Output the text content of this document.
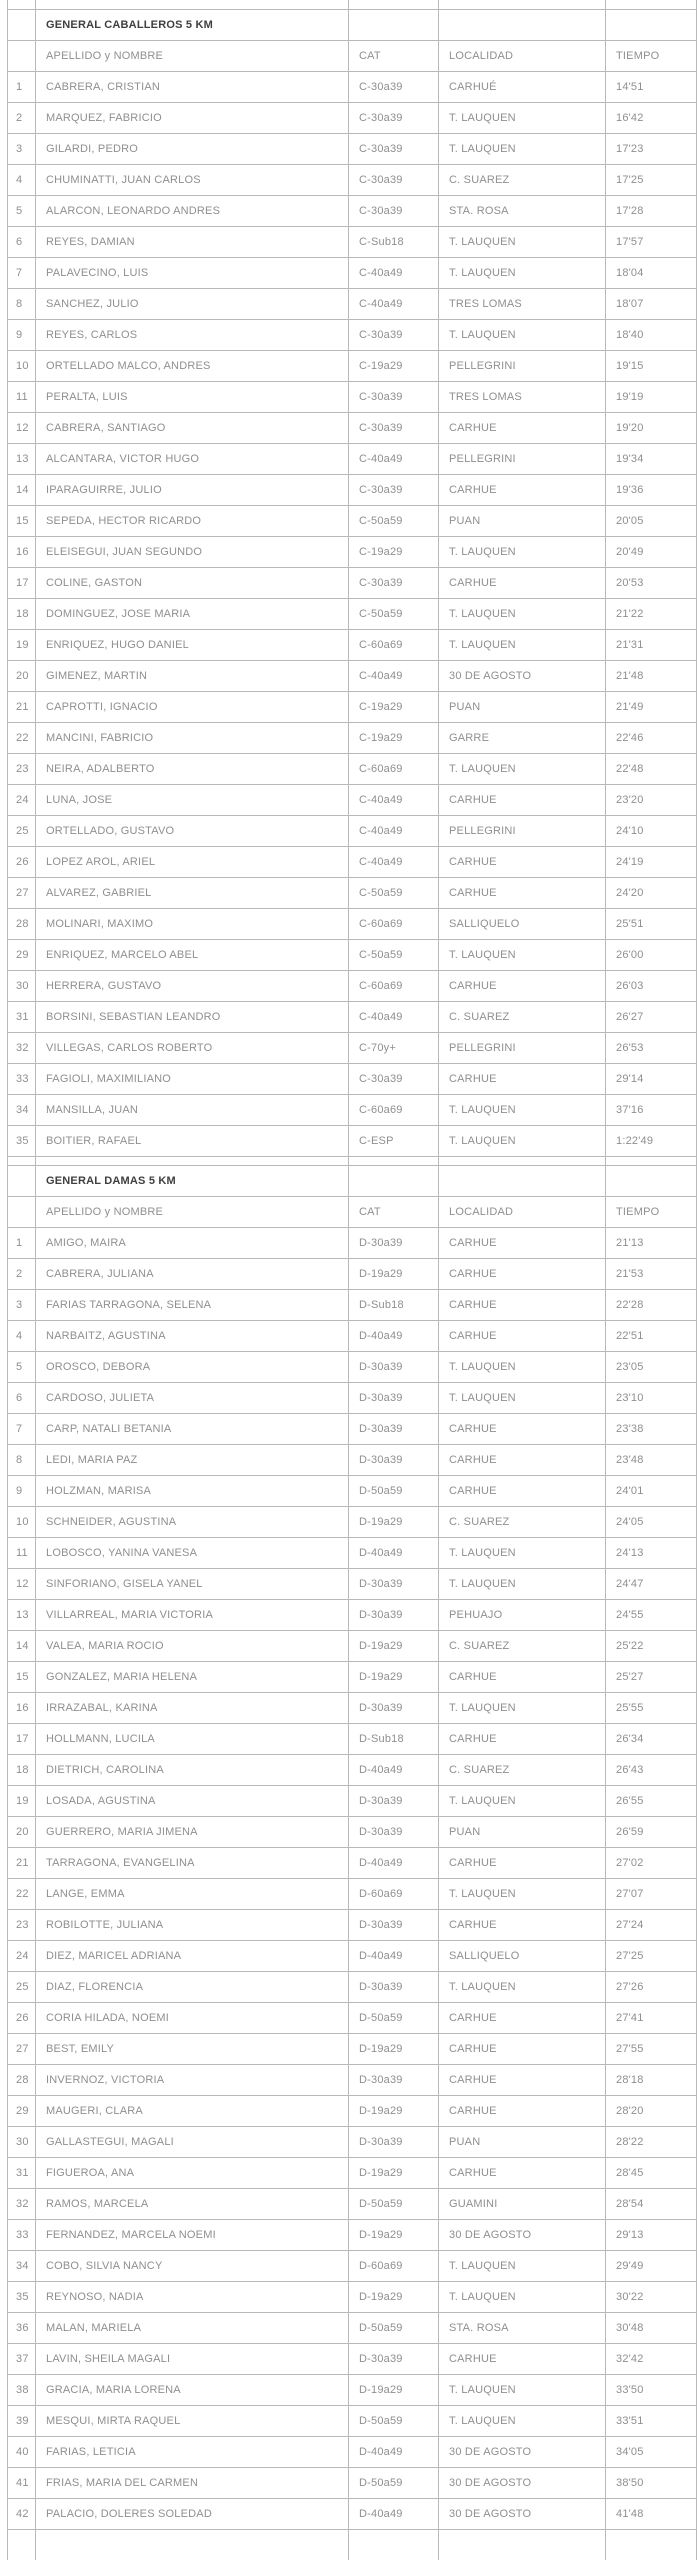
	GENERAL CABALLEROS 5 KM			
	APELLIDO y NOMBRE	CAT	LOCALIDAD	TIEMPO
1	CABRERA, CRISTIAN	C-30a39	CARHUÉ	14'51
2	MARQUEZ, FABRICIO	C-30a39	T. LAUQUEN	16'42
3	GILARDI, PEDRO	C-30a39	T. LAUQUEN	17'23
4	CHUMINATTI, JUAN CARLOS	C-30a39	C. SUAREZ	17'25
5	ALARCON, LEONARDO ANDRES	C-30a39	STA. ROSA	17'28
6	REYES, DAMIAN	C-Sub18	T. LAUQUEN	17'57
7	PALAVECINO, LUIS	C-40a49	T. LAUQUEN	18'04
8	SANCHEZ, JULIO	C-40a49	TRES LOMAS	18'07
9	REYES, CARLOS	C-30a39	T. LAUQUEN	18'40
10	ORTELLADO MALCO, ANDRES	C-19a29	PELLEGRINI	19'15
11	PERALTA, LUIS	C-30a39	TRES LOMAS	19'19
12	CABRERA, SANTIAGO	C-30a39	CARHUE	19'20
13	ALCANTARA, VICTOR HUGO	C-40a49	PELLEGRINI	19'34
14	IPARAGUIRRE, JULIO	C-30a39	CARHUE	19'36
15	SEPEDA, HECTOR RICARDO	C-50a59	PUAN	20'05
16	ELEISEGUI, JUAN SEGUNDO	C-19a29	T. LAUQUEN	20'49
17	COLINE, GASTON	C-30a39	CARHUE	20'53
18	DOMINGUEZ, JOSE MARIA	C-50a59	T. LAUQUEN	21'22
19	ENRIQUEZ, HUGO DANIEL	C-60a69	T. LAUQUEN	21'31
20	GIMENEZ, MARTIN	C-40a49	30 DE AGOSTO	21'48
21	CAPROTTI, IGNACIO	C-19a29	PUAN	21'49
22	MANCINI, FABRICIO	C-19a29	GARRE	22'46
23	NEIRA, ADALBERTO	C-60a69	T. LAUQUEN	22'48
24	LUNA, JOSE	C-40a49	CARHUE	23'20
25	ORTELLADO, GUSTAVO	C-40a49	PELLEGRINI	24'10
26	LOPEZ AROL, ARIEL	C-40a49	CARHUE	24'19
27	ALVAREZ, GABRIEL	C-50a59	CARHUE	24'20
28	MOLINARI, MAXIMO	C-60a69	SALLIQUELO	25'51
29	ENRIQUEZ, MARCELO ABEL	C-50a59	T. LAUQUEN	26'00
30	HERRERA, GUSTAVO	C-60a69	CARHUE	26'03
31	BORSINI, SEBASTIAN LEANDRO	C-40a49	C. SUAREZ	26'27
32	VILLEGAS, CARLOS ROBERTO	C-70y+	PELLEGRINI	26'53
33	FAGIOLI, MAXIMILIANO	C-30a39	CARHUE	29'14
34	MANSILLA, JUAN	C-60a69	T. LAUQUEN	37'16
35	BOITIER, RAFAEL	C-ESP	T. LAUQUEN	1:22'49

	GENERAL DAMAS 5 KM			
	APELLIDO y NOMBRE	CAT	LOCALIDAD	TIEMPO
1	AMIGO, MAIRA	D-30a39	CARHUE	21'13
2	CABRERA, JULIANA	D-19a29	CARHUE	21'53
3	FARIAS TARRAGONA, SELENA	D-Sub18	CARHUE	22'28
4	NARBAITZ, AGUSTINA	D-40a49	CARHUE	22'51
5	OROSCO, DEBORA	D-30a39	T. LAUQUEN	23'05
6	CARDOSO, JULIETA	D-30a39	T. LAUQUEN	23'10
7	CARP, NATALI BETANIA	D-30a39	CARHUE	23'38
8	LEDI, MARIA PAZ	D-30a39	CARHUE	23'48
9	HOLZMAN, MARISA	D-50a59	CARHUE	24'01
10	SCHNEIDER, AGUSTINA	D-19a29	C. SUAREZ	24'05
11	LOBOSCO, YANINA VANESA	D-40a49	T. LAUQUEN	24'13
12	SINFORIANO, GISELA YANEL	D-30a39	T. LAUQUEN	24'47
13	VILLARREAL, MARIA VICTORIA	D-30a39	PEHUAJO	24'55
14	VALEA, MARIA ROCIO	D-19a29	C. SUAREZ	25'22
15	GONZALEZ, MARIA HELENA	D-19a29	CARHUE	25'27
16	IRRAZABAL, KARINA	D-30a39	T. LAUQUEN	25'55
17	HOLLMANN, LUCILA	D-Sub18	CARHUE	26'34
18	DIETRICH, CAROLINA	D-40a49	C. SUAREZ	26'43
19	LOSADA, AGUSTINA	D-30a39	T. LAUQUEN	26'55
20	GUERRERO, MARIA JIMENA	D-30a39	PUAN	26'59
21	TARRAGONA, EVANGELINA	D-40a49	CARHUE	27'02
22	LANGE, EMMA	D-60a69	T. LAUQUEN	27'07
23	ROBILOTTE, JULIANA	D-30a39	CARHUE	27'24
24	DIEZ, MARICEL ADRIANA	D-40a49	SALLIQUELO	27'25
25	DIAZ, FLORENCIA	D-30a39	T. LAUQUEN	27'26
26	CORIA HILADA, NOEMI	D-50a59	CARHUE	27'41
27	BEST, EMILY	D-19a29	CARHUE	27'55
28	INVERNOZ, VICTORIA	D-30a39	CARHUE	28'18
29	MAUGERI, CLARA	D-19a29	CARHUE	28'20
30	GALLASTEGUI, MAGALI	D-30a39	PUAN	28'22
31	FIGUEROA, ANA	D-19a29	CARHUE	28'45
32	RAMOS, MARCELA	D-50a59	GUAMINI	28'54
33	FERNANDEZ, MARCELA NOEMI	D-19a29	30 DE AGOSTO	29'13
34	COBO, SILVIA NANCY	D-60a69	T. LAUQUEN	29'49
35	REYNOSO, NADIA	D-19a29	T. LAUQUEN	30'22
36	MALAN, MARIELA	D-50a59	STA. ROSA	30'48
37	LAVIN, SHEILA MAGALI	D-30a39	CARHUE	32'42
38	GRACIA, MARIA LORENA	D-19a29	T. LAUQUEN	33'50
39	MESQUI, MIRTA RAQUEL	D-50a59	T. LAUQUEN	33'51
40	FARIAS, LETICIA	D-40a49	30 DE AGOSTO	34'05
41	FRIAS, MARIA DEL CARMEN	D-50a59	30 DE AGOSTO	38'50
42	PALACIO, DOLERES SOLEDAD	D-40a49	30 DE AGOSTO	41'48
